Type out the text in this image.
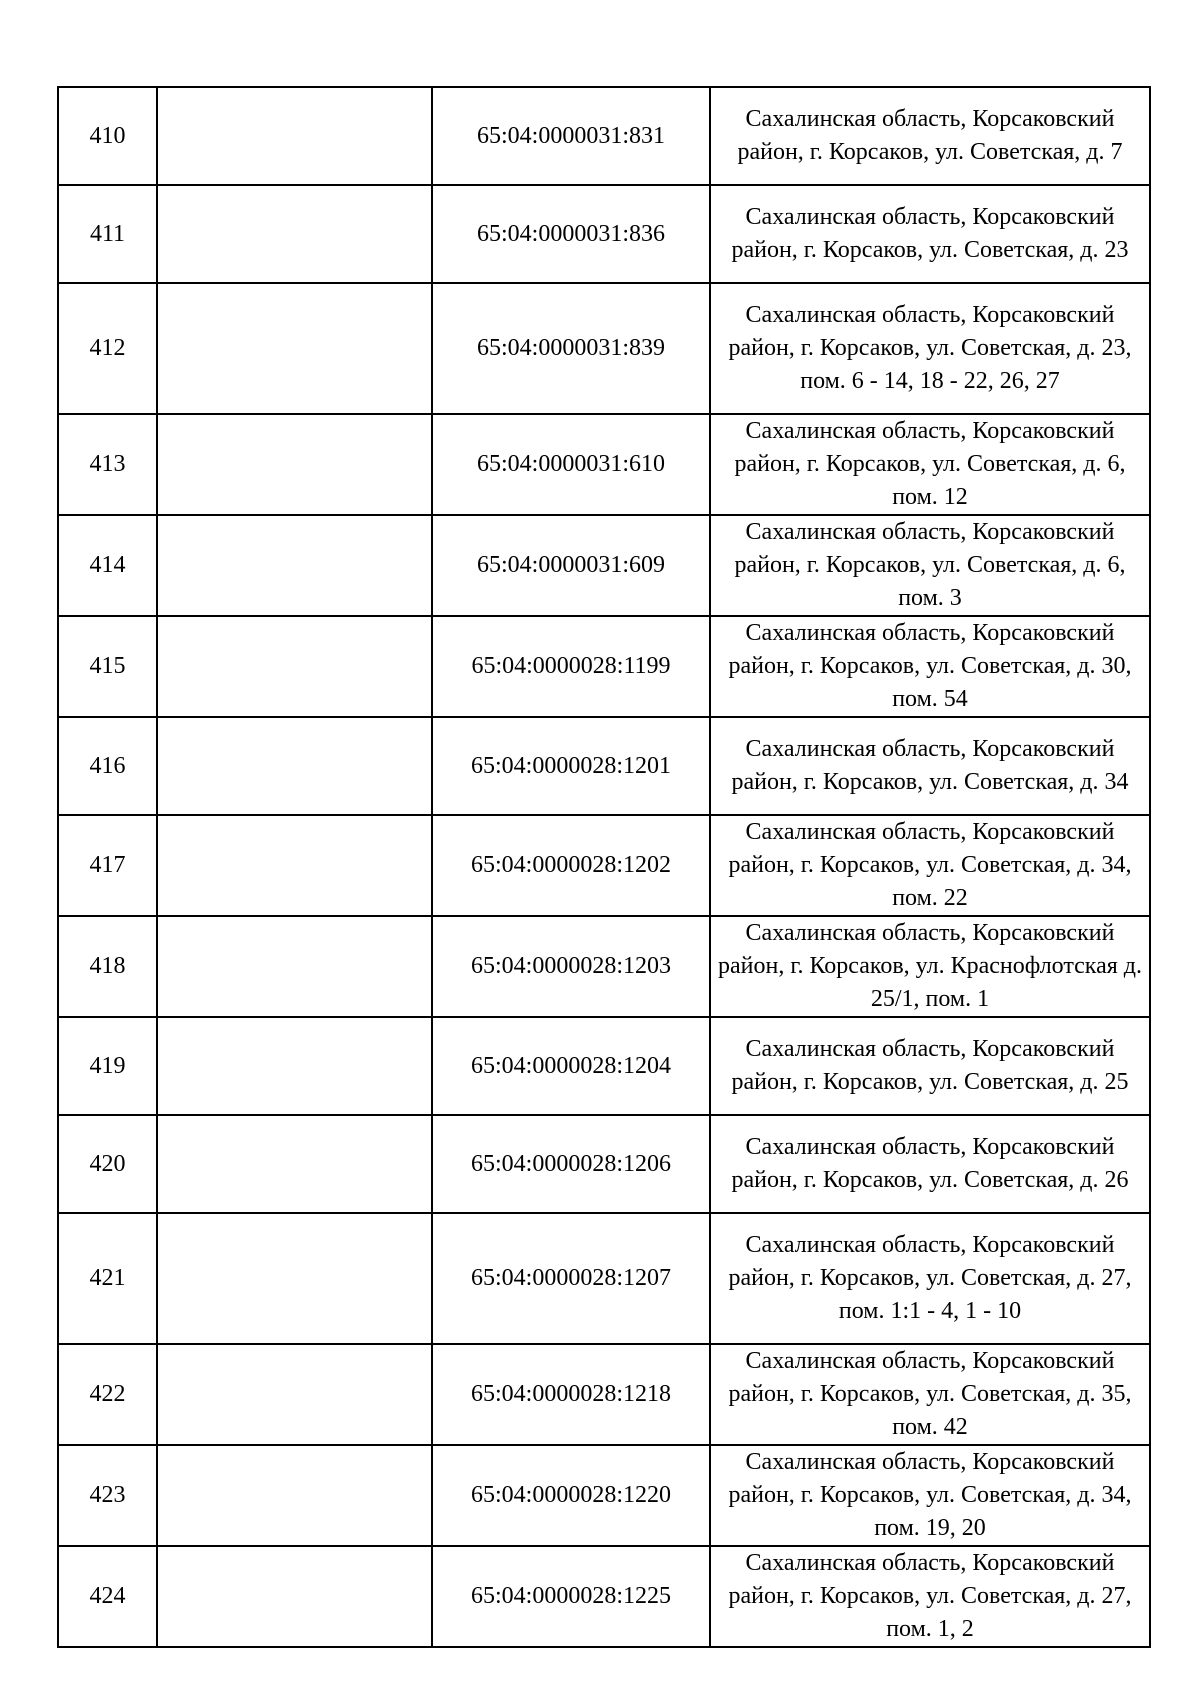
410		65:04:0000031:831	Сахалинская область, Корсаковский район, г. Корсаков, ул. Советская, д. 7
411		65:04:0000031:836	Сахалинская область, Корсаковский район, г. Корсаков, ул. Советская, д. 23
412		65:04:0000031:839	Сахалинская область, Корсаковский район, г. Корсаков, ул. Советская, д. 23, пом. 6 - 14, 18 - 22, 26, 27
413		65:04:0000031:610	Сахалинская область, Корсаковский район, г. Корсаков, ул. Советская, д. 6, пом. 12
414		65:04:0000031:609	Сахалинская область, Корсаковский район, г. Корсаков, ул. Советская, д. 6, пом. 3
415		65:04:0000028:1199	Сахалинская область, Корсаковский район, г. Корсаков, ул. Советская, д. 30, пом. 54
416		65:04:0000028:1201	Сахалинская область, Корсаковский район, г. Корсаков, ул. Советская, д. 34
417		65:04:0000028:1202	Сахалинская область, Корсаковский район, г. Корсаков, ул. Советская, д. 34, пом. 22
418		65:04:0000028:1203	Сахалинская область, Корсаковский район, г. Корсаков, ул. Краснофлотская д. 25/1, пом. 1
419		65:04:0000028:1204	Сахалинская область, Корсаковский район, г. Корсаков, ул. Советская, д. 25
420		65:04:0000028:1206	Сахалинская область, Корсаковский район, г. Корсаков, ул. Советская, д. 26
421		65:04:0000028:1207	Сахалинская область, Корсаковский район, г. Корсаков, ул. Советская, д. 27, пом. 1:1 - 4, 1 - 10
422		65:04:0000028:1218	Сахалинская область, Корсаковский район, г. Корсаков, ул. Советская, д. 35, пом. 42
423		65:04:0000028:1220	Сахалинская область, Корсаковский район, г. Корсаков, ул. Советская, д. 34, пом. 19, 20
424		65:04:0000028:1225	Сахалинская область, Корсаковский район, г. Корсаков, ул. Советская, д. 27, пом. 1, 2
